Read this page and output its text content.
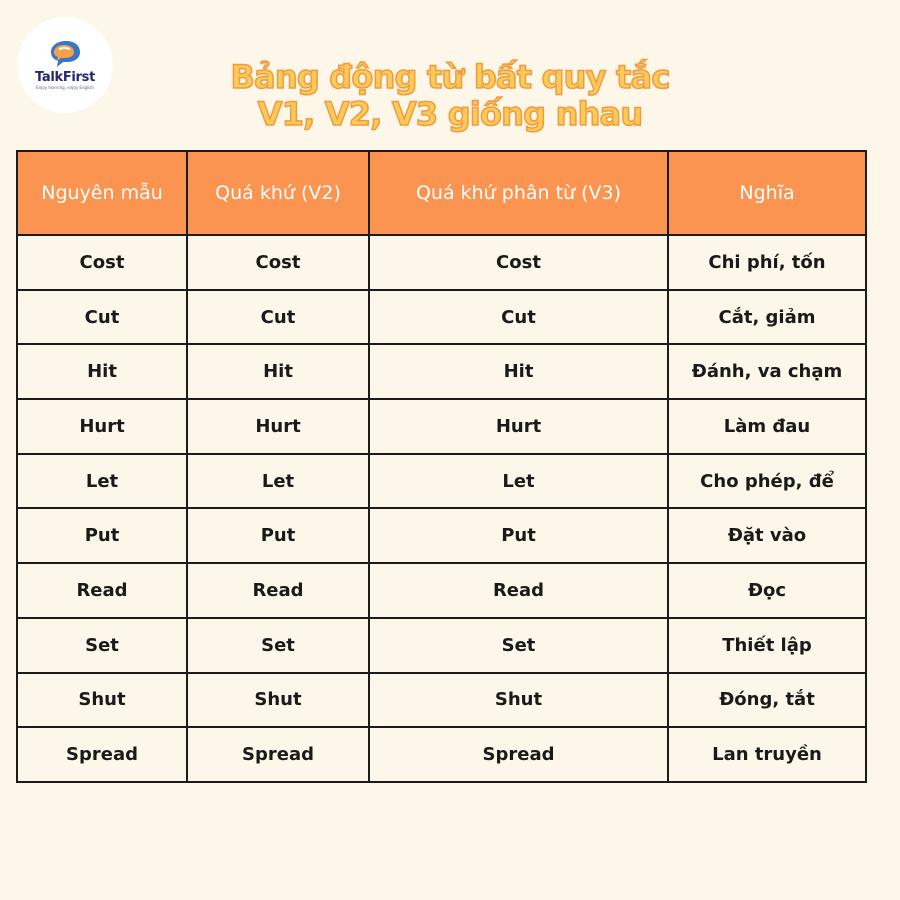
TalkFirst
Enjoy learning, enjoy English	Bảng động từ bất quy tắc
V1, V2, V3 giống nhau
Nguyên mẫu	Quá khứ (V2)	Quá khứ phân từ (V3)	Nghĩa
Cost	Cost	Cost	Chi phí, tốn
Cut	Cut	Cut	Cắt, giảm
Hit	Hit	Hit	Đánh, va chạm
Hurt	Hurt	Hurt	Làm đau
Let	Let	Let	Cho phép, để
Put	Put	Put	Đặt vào
Read	Read	Read	Đọc
Set	Set	Set	Thiết lập
Shut	Shut	Shut	Đóng, tắt
Spread	Spread	Spread	Lan truyền
